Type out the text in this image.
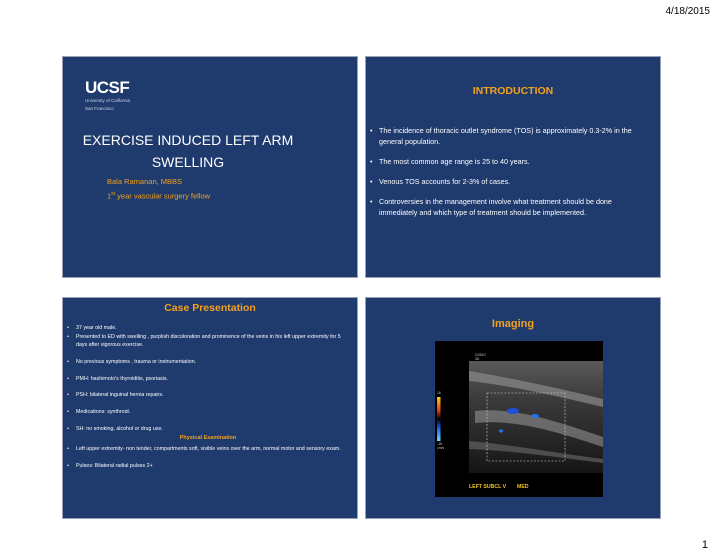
4/18/2015
UCSF
University of California
San Francisco
EXERCISE INDUCED LEFT ARM
SWELLING
Bala Ramanan, MBBS
1st year vascular surgery fellow
INTRODUCTION
• The incidence of thoracic outlet syndrome (TOS) is approximately 0.3-2% in the general population.
• The most common age range is 25 to 40 years.
• Venous TOS accounts for 2-3% of cases.
• Controversies in the management involve what treatment should be done immediately and which type of treatment should be implemented.
Case Presentation
• 37 year old male.
• Presented to ED with swelling , purplish discoloration and prominence of the veins in his left upper extremity for 5 days after vigorous exercise.
• No previous symptoms , trauma or instrumentation.
• PMH: hashimoto's thyroiditis, psoriasis.
• PSH: bilateral inguinal hernia repairs.
• Medications: synthroid.
• SH: no smoking, alcohol or drug use.
Physical Examination
• Left upper extremity- non tender, compartments soft, visible veins over the arm, normal motor and sensory exam.
• Pulses: Bilateral radial pulses 2+
Imaging
16
-16
cm/s
CDDIO
3D
LEFT SUBCL V MED
1
